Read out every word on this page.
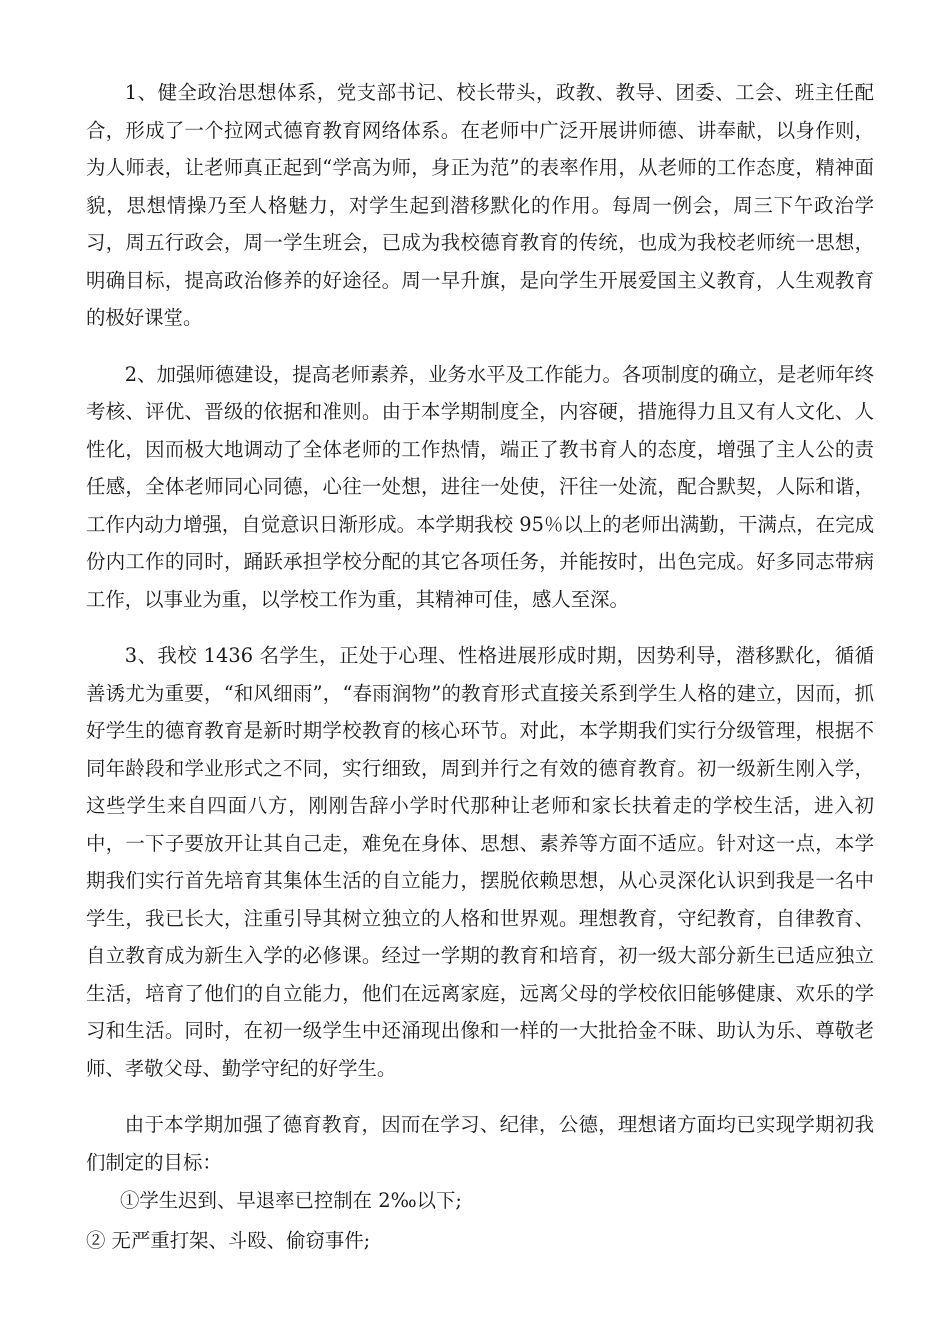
1、健全政治思想体系，党支部书记、校长带头，政教、教导、团委、工会、班主任配合，形成了一个拉网式德育教育网络体系。在老师中广泛开展讲师德、讲奉献，以身作则，为人师表，让老师真正起到“学高为师，身正为范”的表率作用，从老师的工作态度，精神面貌，思想情操乃至人格魅力，对学生起到潜移默化的作用。每周一例会，周三下午政治学习，周五行政会，周一学生班会，已成为我校德育教育的传统，也成为我校老师统一思想，明确目标，提高政治修养的好途径。周一早升旗，是向学生开展爱国主义教育，人生观教育的极好课堂。

2、加强师德建设，提高老师素养，业务水平及工作能力。各项制度的确立，是老师年终考核、评优、晋级的依据和准则。由于本学期制度全，内容硬，措施得力且又有人文化、人性化，因而极大地调动了全体老师的工作热情，端正了教书育人的态度，增强了主人公的责任感，全体老师同心同德，心往一处想，进往一处使，汗往一处流，配合默契，人际和谐，工作内动力增强，自觉意识日渐形成。本学期我校 95％以上的老师出满勤，干满点，在完成份内工作的同时，踊跃承担学校分配的其它各项任务，并能按时，出色完成。好多同志带病工作，以事业为重，以学校工作为重，其精神可佳，感人至深。

3、我校 1436 名学生，正处于心理、性格进展形成时期，因势利导，潜移默化，循循善诱尤为重要，“和风细雨”，“春雨润物”的教育形式直接关系到学生人格的建立，因而，抓好学生的德育教育是新时期学校教育的核心环节。对此，本学期我们实行分级管理，根据不同年龄段和学业形式之不同，实行细致，周到并行之有效的德育教育。初一级新生刚入学，这些学生来自四面八方，刚刚告辞小学时代那种让老师和家长扶着走的学校生活，进入初中，一下子要放开让其自己走，难免在身体、思想、素养等方面不适应。针对这一点，本学期我们实行首先培育其集体生活的自立能力，摆脱依赖思想，从心灵深化认识到我是一名中学生，我已长大，注重引导其树立独立的人格和世界观。理想教育，守纪教育，自律教育、自立教育成为新生入学的必修课。经过一学期的教育和培育，初一级大部分新生已适应独立生活，培育了他们的自立能力，他们在远离家庭，远离父母的学校依旧能够健康、欢乐的学习和生活。同时，在初一级学生中还涌现出像和一样的一大批拾金不昧、助认为乐、尊敬老师、孝敬父母、勤学守纪的好学生。

由于本学期加强了德育教育，因而在学习、纪律，公德，理想诸方面均已实现学期初我们制定的目标：

①学生迟到、早退率已控制在 2‰以下;
② 无严重打架、斗殴、偷窃事件;
